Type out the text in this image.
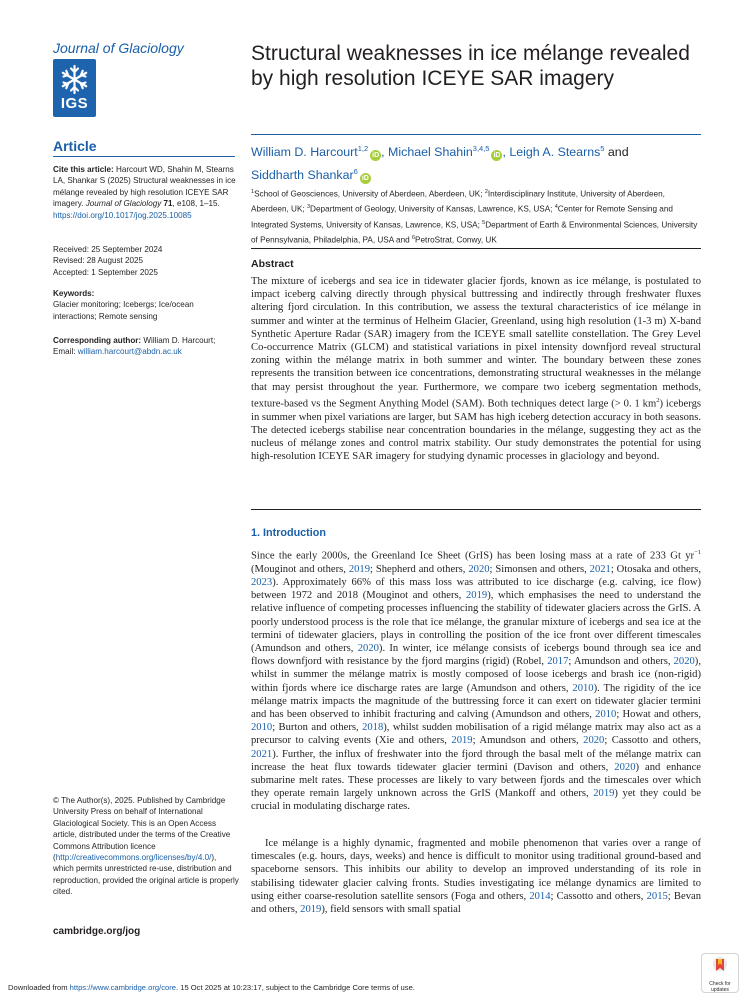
Journal of Glaciology
IGS
Article
Cite this article: Harcourt WD, Shahin M, Stearns LA, Shankar S (2025) Structural weaknesses in ice mélange revealed by high resolution ICEYE SAR imagery. Journal of Glaciology 71, e108, 1–15. https://doi.org/10.1017/jog.2025.10085
Received: 25 September 2024
Revised: 28 August 2025
Accepted: 1 September 2025
Keywords:
Glacier monitoring; Icebergs; Ice/ocean interactions; Remote sensing
Corresponding author: William D. Harcourt;
Email: william.harcourt@abdn.ac.uk
© The Author(s), 2025. Published by Cambridge University Press on behalf of International Glaciological Society. This is an Open Access article, distributed under the terms of the Creative Commons Attribution licence (http://creativecommons.org/licenses/by/4.0/), which permits unrestricted re-use, distribution and reproduction, provided the original article is properly cited.
cambridge.org/jog
Structural weaknesses in ice mélange revealed by high resolution ICEYE SAR imagery
William D. Harcourt$^{1,2}$iD , Michael Shahin$^{3,4,5}$iD , Leigh A. Stearns$^5$ and
Siddharth Shankar$^6$iD
$^1$School of Geosciences, University of Aberdeen, Aberdeen, UK; $^2$Interdisciplinary Institute, University of Aberdeen, Aberdeen, UK; $^3$Department of Geology, University of Kansas, Lawrence, KS, USA; $^4$Center for Remote Sensing and Integrated Systems, University of Kansas, Lawrence, KS, USA; $^5$Department of Earth & Environmental Sciences, University of Pennsylvania, Philadelphia, PA, USA and $^6$PetroStrat, Conwy, UK
Abstract
The mixture of icebergs and sea ice in tidewater glacier fjords, known as ice mélange, is postulated to impact iceberg calving directly through physical buttressing and indirectly through freshwater fluxes altering fjord circulation. In this contribution, we assess the textural characteristics of ice mélange in summer and winter at the terminus of Helheim Glacier, Greenland, using high resolution (1-3 m) X-band Synthetic Aperture Radar (SAR) imagery from the ICEYE small satellite constellation. The Grey Level Co-occurrence Matrix (GLCM) and statistical variations in pixel intensity downfjord reveal structural zoning within the mélange matrix in both summer and winter. The boundary between these zones represents the transition between ice concentrations, demonstrating structural weaknesses in the mélange that may persist throughout the year. Furthermore, we compare two iceberg segmentation methods, texture-based vs the Segment Anything Model (SAM). Both techniques detect large (> 0. 1 $km^2$) icebergs in summer when pixel variations are larger, but SAM has high iceberg detection accuracy in both seasons. The detected icebergs stabilise near concentration boundaries in the mélange, suggesting they act as the nucleus of mélange zones and control matrix stability. Our study demonstrates the potential for using high-resolution ICEYE SAR imagery for studying dynamic processes in glaciology and beyond.
1. Introduction

Since the early 2000s, the Greenland Ice Sheet (GrIS) has been losing mass at a rate of 233 Gt $yr^{-1}$ (Mouginot and others, 2019; Shepherd and others, 2020; Simonsen and others, 2021; Otosaka and others, 2023). Approximately 66% of this mass loss was attributed to ice discharge (e.g. calving, ice flow) between 1972 and 2018 (Mouginot and others, 2019), which emphasises the need to understand the relative influence of competing processes influencing the stability of tidewater glaciers across the GrIS. A poorly understood process is the role that ice mélange, the granular mixture of icebergs and sea ice at the termini of tidewater glaciers, plays in controlling the position of the ice front over different timescales (Amundson and others, 2020). In winter, ice mélange consists of icebergs bound through sea ice and flows downfjord with resistance by the fjord margins (rigid) (Robel, 2017; Amundson and others, 2020), whilst in summer the mélange matrix is mostly composed of loose icebergs and brash ice (non-rigid) within fjords where ice discharge rates are large (Amundson and others, 2010). The rigidity of the ice mélange matrix impacts the magnitude of the buttressing force it can exert on tidewater glacier termini and has been observed to inhibit fracturing and calving (Amundson and others, 2010; Howat and others, 2010; Burton and others, 2018), whilst sudden mobilisation of a rigid mélange matrix may also act as a precursor to calving events (Xie and others, 2019; Amundson and others, 2020; Cassotto and others, 2021). Further, the influx of freshwater into the fjord through the basal melt of the mélange matrix can increase the heat flux towards tidewater glacier termini (Davison and others, 2020) and enhance submarine melt rates. These processes are likely to vary between fjords and the timescales over which they operate remain largely unknown across the GrIS (Mankoff and others, 2019) yet they could be crucial in modulating discharge rates.

Ice mélange is a highly dynamic, fragmented and mobile phenomenon that varies over a range of timescales (e.g. hours, days, weeks) and hence is difficult to monitor using traditional ground-based and spaceborne sensors. This inhibits our ability to develop an improved understanding of its role in stabilising tidewater glacier calving fronts. Studies investigating ice mélange dynamics are limited to using either coarse-resolution satellite sensors (Foga and others, 2014; Cassotto and others, 2015; Bevan and others, 2019), field sensors with small spatial

Downloaded from https://www.cambridge.org/core. 15 Oct 2025 at 10:23:17, subject to the Cambridge Core terms of use.	Check for
updates
